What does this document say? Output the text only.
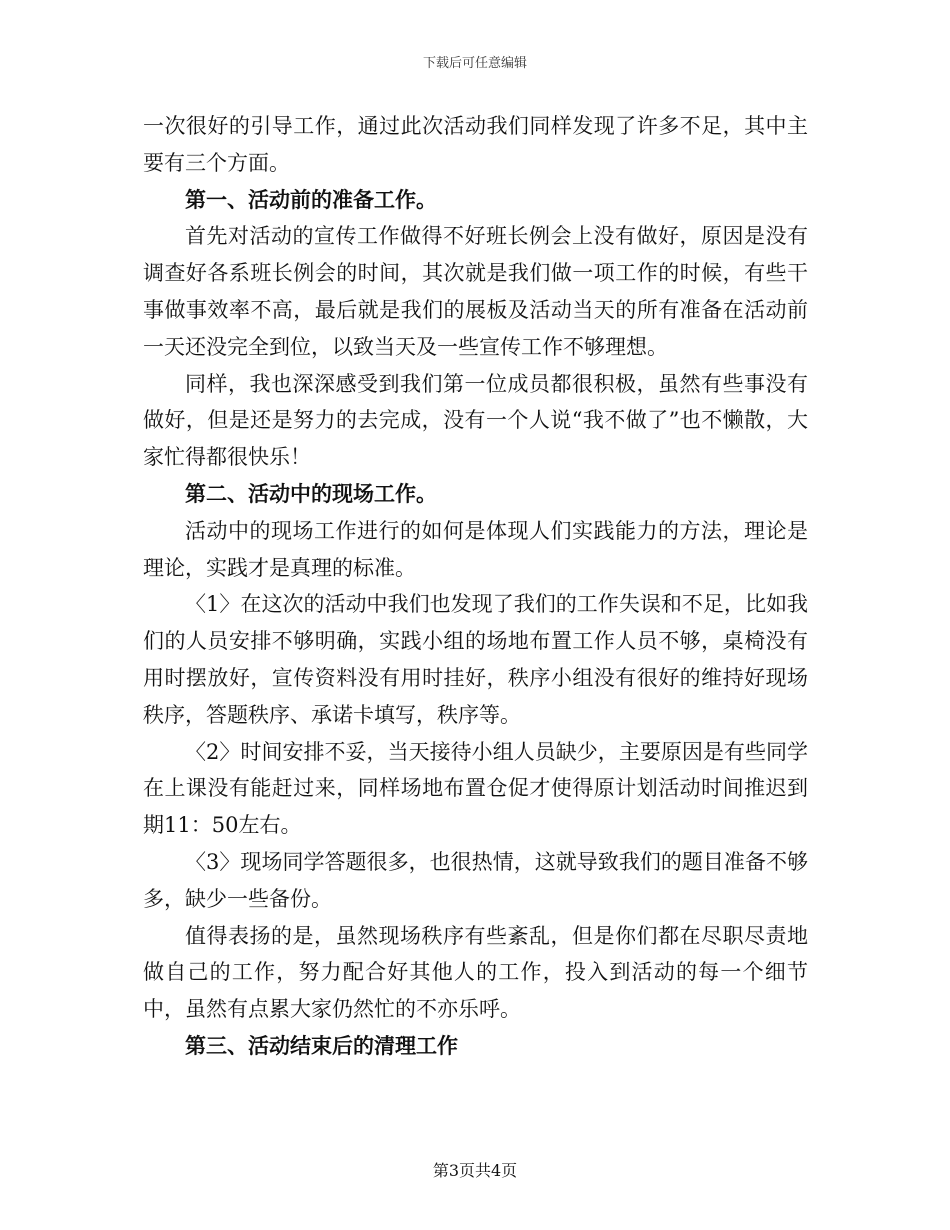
下载后可任意编辑

一次很好的引导工作，通过此次活动我们同样发现了许多不足，其中主要有三个方面。

第一、活动前的准备工作。

首先对活动的宣传工作做得不好班长例会上没有做好，原因是没有调查好各系班长例会的时间，其次就是我们做一项工作的时候，有些干事做事效率不高，最后就是我们的展板及活动当天的所有准备在活动前一天还没完全到位，以致当天及一些宣传工作不够理想。

同样，我也深深感受到我们第一位成员都很积极，虽然有些事没有做好，但是还是努力的去完成，没有一个人说“我不做了”也不懒散，大家忙得都很快乐！

第二、活动中的现场工作。

活动中的现场工作进行的如何是体现人们实践能力的方法，理论是理论，实践才是真理的标准。

〈1〉在这次的活动中我们也发现了我们的工作失误和不足，比如我们的人员安排不够明确，实践小组的场地布置工作人员不够，桌椅没有用时摆放好，宣传资料没有用时挂好，秩序小组没有很好的维持好现场秩序，答题秩序、承诺卡填写，秩序等。

〈2〉时间安排不妥，当天接待小组人员缺少，主要原因是有些同学在上课没有能赶过来，同样场地布置仓促才使得原计划活动时间推迟到期11：50左右。

〈3〉现场同学答题很多，也很热情，这就导致我们的题目准备不够多，缺少一些备份。

值得表扬的是，虽然现场秩序有些紊乱，但是你们都在尽职尽责地做自己的工作，努力配合好其他人的工作，投入到活动的每一个细节中，虽然有点累大家仍然忙的不亦乐呼。

第三、活动结束后的清理工作

第3页共4页
